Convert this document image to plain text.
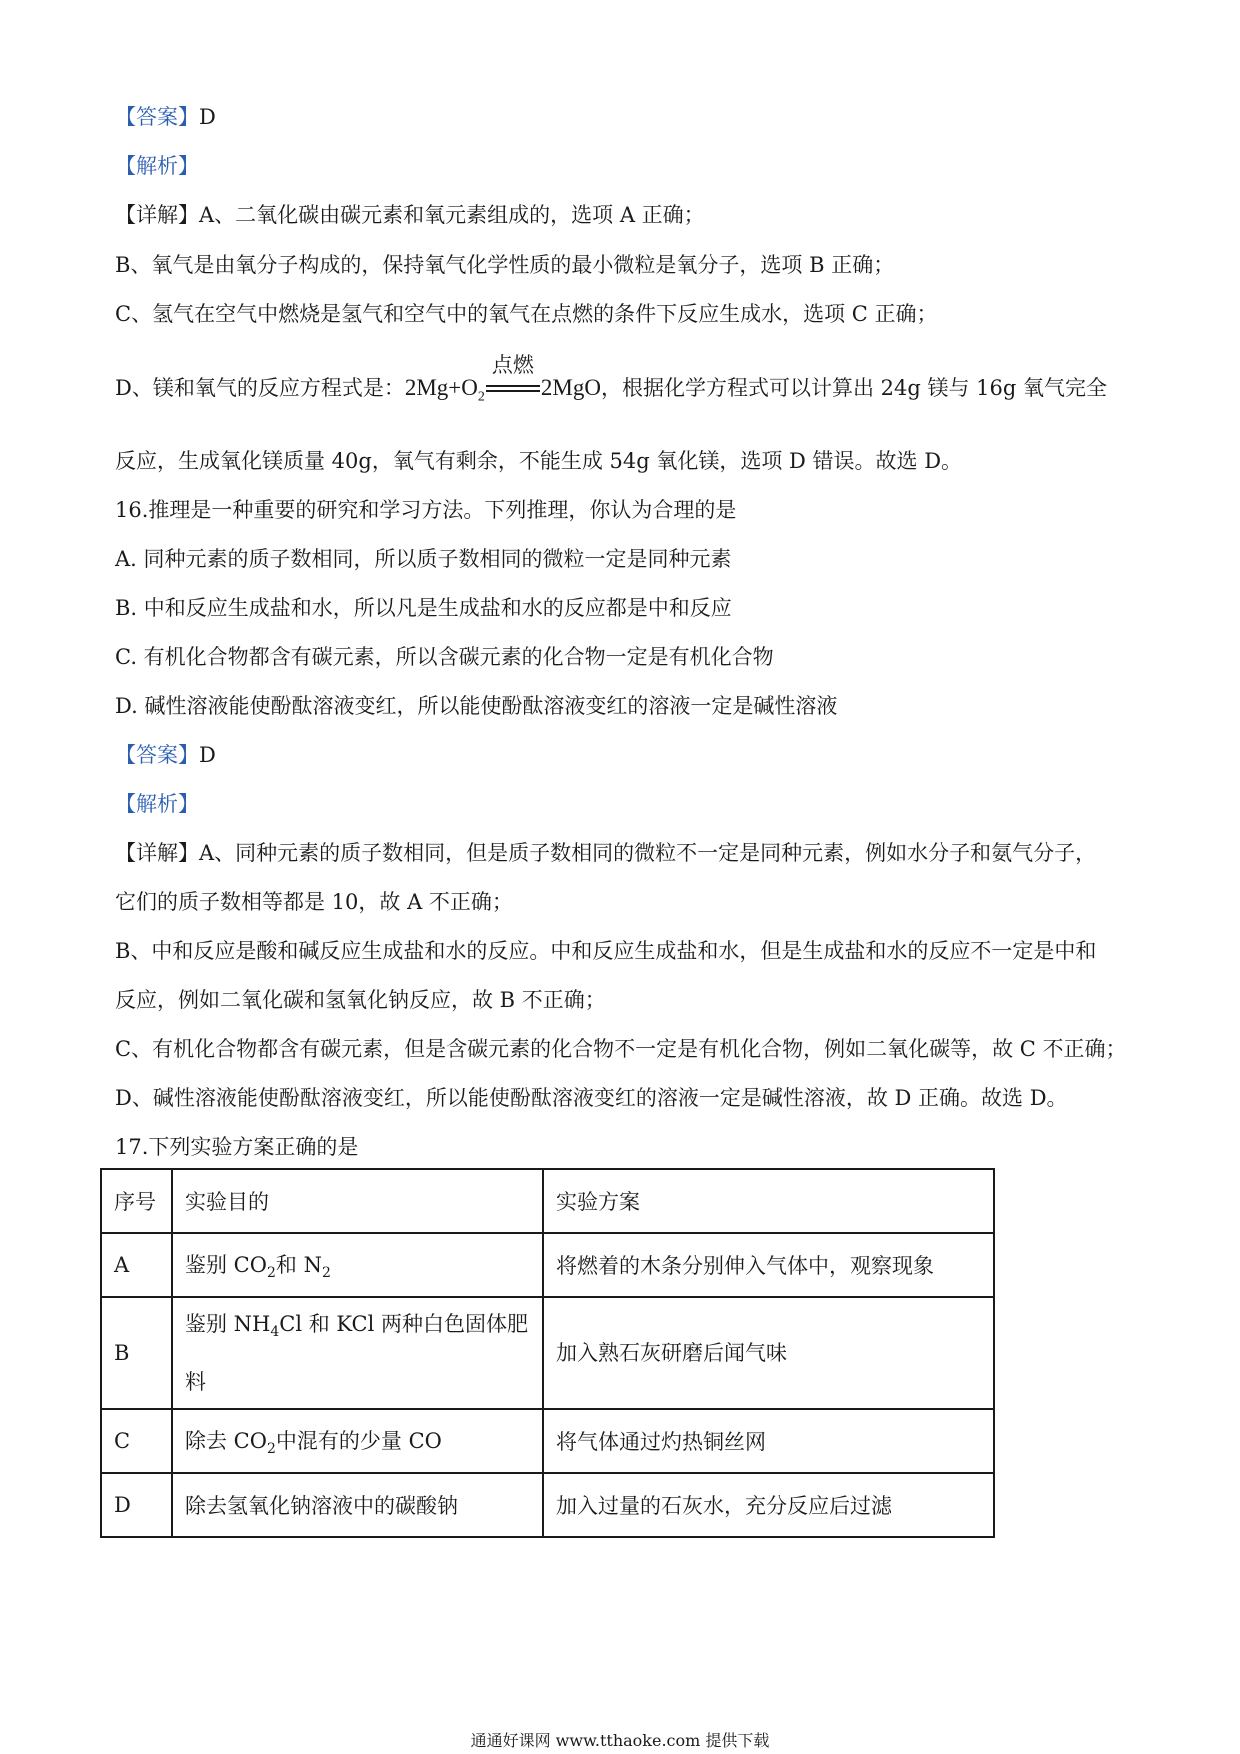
【答案】D
【解析】
【详解】A、二氧化碳由碳元素和氧元素组成的，选项 A 正确；
B、氧气是由氧分子构成的，保持氧气化学性质的最小微粒是氧分子，选项 B 正确；
C、氢气在空气中燃烧是氢气和空气中的氧气在点燃的条件下反应生成水，选项 C 正确；
D、镁和氧气的反应方程式是：$2Mg+O_2$
点燃
2MgO，根据化学方程式可以计算出 24g 镁与 16g 氧气完全
反应，生成氧化镁质量 40g，氧气有剩余，不能生成 54g 氧化镁，选项 D 错误。故选 D。
16.推理是一种重要的研究和学习方法。下列推理，你认为合理的是
A. 同种元素的质子数相同，所以质子数相同的微粒一定是同种元素
B. 中和反应生成盐和水，所以凡是生成盐和水的反应都是中和反应
C. 有机化合物都含有碳元素，所以含碳元素的化合物一定是有机化合物
D. 碱性溶液能使酚酞溶液变红，所以能使酚酞溶液变红的溶液一定是碱性溶液
【答案】D
【解析】
【详解】A、同种元素的质子数相同，但是质子数相同的微粒不一定是同种元素，例如水分子和氨气分子，
它们的质子数相等都是 10，故 A 不正确；
B、中和反应是酸和碱反应生成盐和水的反应。中和反应生成盐和水，但是生成盐和水的反应不一定是中和
反应，例如二氧化碳和氢氧化钠反应，故 B 不正确；
C、有机化合物都含有碳元素，但是含碳元素的化合物不一定是有机化合物，例如二氧化碳等，故 C 不正确；
D、碱性溶液能使酚酞溶液变红，所以能使酚酞溶液变红的溶液一定是碱性溶液，故 D 正确。故选 D。
17.下列实验方案正确的是
序号	实验目的	实验方案
A	鉴别 $CO_2$和 $N_2$	将燃着的木条分别伸入气体中，观察现象
B	鉴别 $NH_4Cl$ 和 KCl 两种白色固体肥
料	加入熟石灰研磨后闻气味
C	除去 $CO_2$中混有的少量 CO	将气体通过灼热铜丝网
D	除去氢氧化钠溶液中的碳酸钠	加入过量的石灰水，充分反应后过滤
通通好课网 www.tthaoke.com 提供下载
